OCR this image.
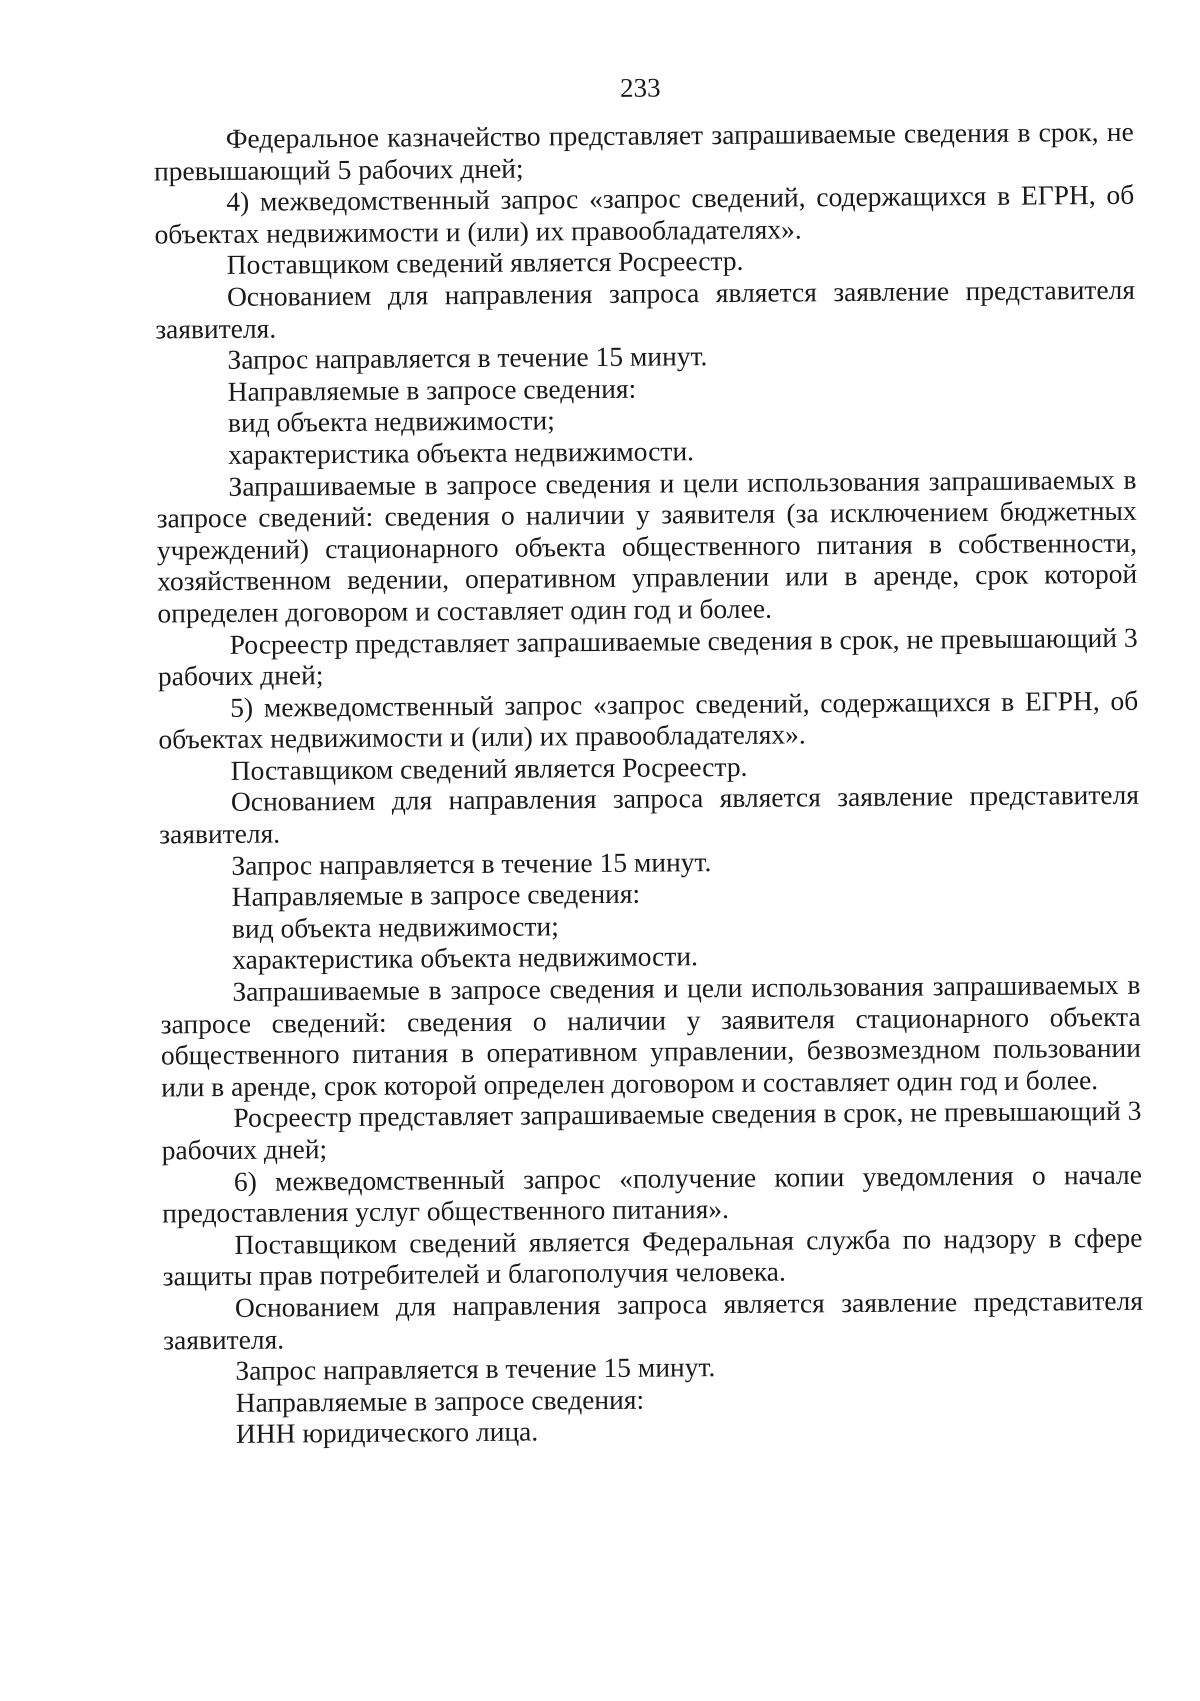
233

Федеральное казначейство представляет запрашиваемые сведения в срок, не превышающий 5 рабочих дней;

4) межведомственный запрос «запрос сведений, содержащихся в ЕГРН, об объектах недвижимости и (или) их правообладателях».

Поставщиком сведений является Росреестр.

Основанием для направления запроса является заявление представителя заявителя.

Запрос направляется в течение 15 минут.

Направляемые в запросе сведения:

вид объекта недвижимости;

характеристика объекта недвижимости.

Запрашиваемые в запросе сведения и цели использования запрашиваемых в запросе сведений: сведения о наличии у заявителя (за исключением бюджетных учреждений) стационарного объекта общественного питания в собственности, хозяйственном ведении, оперативном управлении или в аренде, срок которой определен договором и составляет один год и более.

Росреестр представляет запрашиваемые сведения в срок, не превышающий 3 рабочих дней;

5) межведомственный запрос «запрос сведений, содержащихся в ЕГРН, об объектах недвижимости и (или) их правообладателях».

Поставщиком сведений является Росреестр.

Основанием для направления запроса является заявление представителя заявителя.

Запрос направляется в течение 15 минут.

Направляемые в запросе сведения:

вид объекта недвижимости;

характеристика объекта недвижимости.

Запрашиваемые в запросе сведения и цели использования запрашиваемых в запросе сведений: сведения о наличии у заявителя стационарного объекта общественного питания в оперативном управлении, безвозмездном пользовании или в аренде, срок которой определен договором и составляет один год и более.

Росреестр представляет запрашиваемые сведения в срок, не превышающий 3 рабочих дней;

6) межведомственный запрос «получение копии уведомления о начале предоставления услуг общественного питания».

Поставщиком сведений является Федеральная служба по надзору в сфере защиты прав потребителей и благополучия человека.

Основанием для направления запроса является заявление представителя заявителя.

Запрос направляется в течение 15 минут.

Направляемые в запросе сведения:

ИНН юридического лица.
